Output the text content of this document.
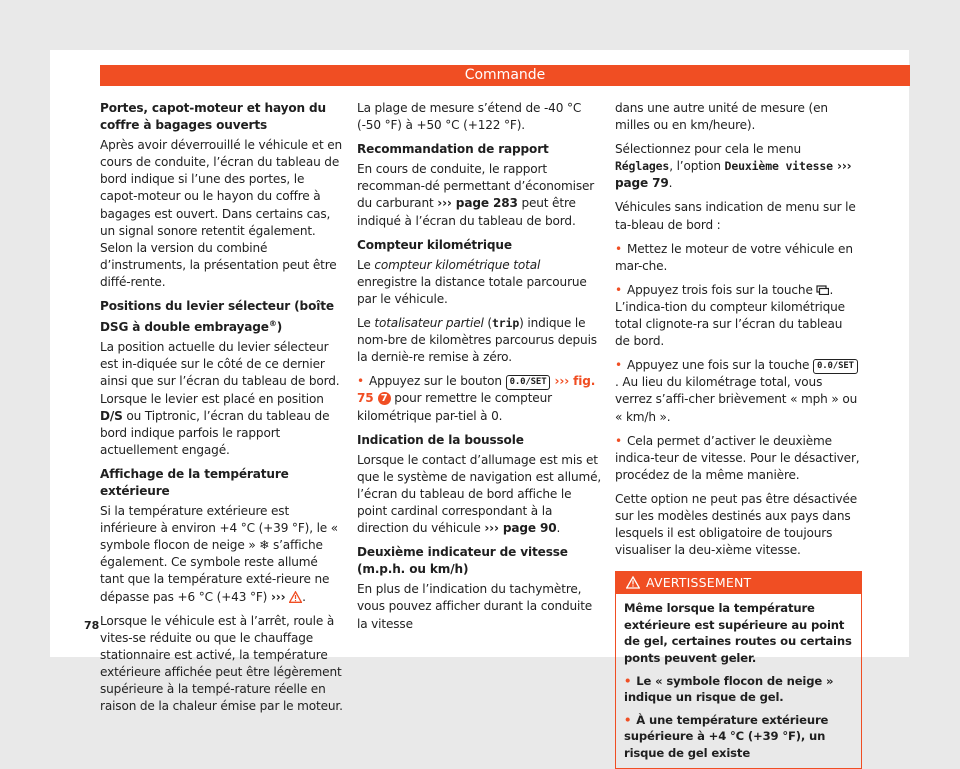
Commande
Portes, capot-moteur et hayon du coffre à bagages ouverts

Après avoir déverrouillé le véhicule et en cours de conduite, l’écran du tableau de bord indique si l’une des portes, le capot-moteur ou le hayon du coffre à bagages est ouvert. Dans certains cas, un signal sonore retentit également. Selon la version du combiné d’instruments, la présentation peut être diffé-rente.

Positions du levier sélecteur (boîte DSG à double embrayage®)

La position actuelle du levier sélecteur est in-diquée sur le côté de ce dernier ainsi que sur l’écran du tableau de bord. Lorsque le levier est placé en position D/S ou Tiptronic, l’écran du tableau de bord indique parfois le rapport actuellement engagé.

Affichage de la température extérieure

Si la température extérieure est inférieure à environ +4 °C (+39 °F), le « symbole flocon de neige » ❄ s’affiche également. Ce symbole reste allumé tant que la température exté-rieure ne dépasse pas +6 °C (+43 °F) ››› .

Lorsque le véhicule est à l’arrêt, roule à vites-se réduite ou que le chauffage stationnaire est activé, la température extérieure affichée peut être légèrement supérieure à la tempé-rature réelle en raison de la chaleur émise par le moteur.

La plage de mesure s’étend de -40 °C (-50 °F) à +50 °C (+122 °F).

Recommandation de rapport

En cours de conduite, le rapport recomman-dé permettant d’économiser du carburant ››› page 283 peut être indiqué à l’écran du tableau de bord.

Compteur kilométrique

Le compteur kilométrique total enregistre la distance totale parcourue par le véhicule.

Le totalisateur partiel (trip) indique le nom-bre de kilomètres parcourus depuis la derniè-re remise à zéro.

• Appuyez sur le bouton 0.0/SET ››› fig. 75 7 pour remettre le compteur kilométrique par-tiel à 0.

Indication de la boussole

Lorsque le contact d’allumage est mis et que le système de navigation est allumé, l’écran du tableau de bord affiche le point cardinal correspondant à la direction du véhicule ››› page 90.

Deuxième indicateur de vitesse (m.p.h. ou km/h)

En plus de l’indication du tachymètre, vous pouvez afficher durant la conduite la vitesse

dans une autre unité de mesure (en milles ou en km/heure).

Sélectionnez pour cela le menu Réglages, l’option Deuxième vitesse ››› page 79.

Véhicules sans indication de menu sur le ta-bleau de bord :

• Mettez le moteur de votre véhicule en mar-che.

• Appuyez trois fois sur la touche . L’indica-tion du compteur kilométrique total clignote-ra sur l’écran du tableau de bord.

• Appuyez une fois sur la touche 0.0/SET. Au lieu du kilométrage total, vous verrez s’affi-cher brièvement « mph » ou « km/h ».

• Cela permet d’activer le deuxième indica-teur de vitesse. Pour le désactiver, procédez de la même manière.

Cette option ne peut pas être désactivée sur les modèles destinés aux pays dans lesquels il est obligatoire de toujours visualiser la deu-xième vitesse.

AVERTISSEMENT

Même lorsque la température extérieure est supérieure au point de gel, certaines routes ou certains ponts peuvent geler.

• Le « symbole flocon de neige » indique un risque de gel.

• À une température extérieure supérieure à +4 °C (+39 °F), un risque de gel existe

78
